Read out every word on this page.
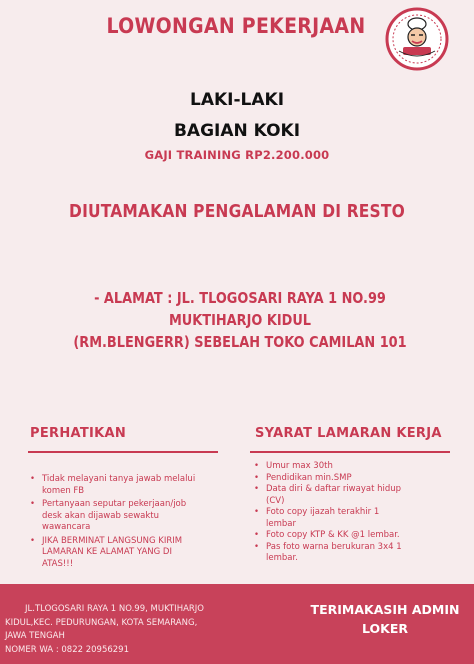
LOWONGAN PEKERJAAN
LAKI-LAKI
BAGIAN KOKI
GAJI TRAINING RP2.200.000
DIUTAMAKAN PENGALAMAN DI RESTO
- ALAMAT : JL. TLOGOSARI RAYA 1 NO.99 MUKTIHARJO KIDUL
(RM.BLENGERR) SEBELAH TOKO CAMILAN 101
PERHATIKAN	SYARAT LAMARAN KERJA
• Tidak melayani tanya jawab melalui komen FB
• Pertanyaan seputar pekerjaan/job desk akan dijawab sewaktu wawancara
• JIKA BERMINAT LANGSUNG KIRIM LAMARAN KE ALAMAT YANG DI ATAS!!!
• Umur max 30th
• Pendidikan min.SMP
• Data diri & daftar riwayat hidup (CV)
• Foto copy ijazah terakhir 1 lembar
• Foto copy KTP & KK @1 lembar.
• Pas foto warna berukuran 3x4 1 lembar.
JL.TLOGOSARI RAYA 1 NO.99, MUKTIHARJO
KIDUL,KEC. PEDURUNGAN, KOTA SEMARANG,
JAWA TENGAH
NOMER WA : 0822 20956291
TERIMAKASIH ADMIN
LOKER
